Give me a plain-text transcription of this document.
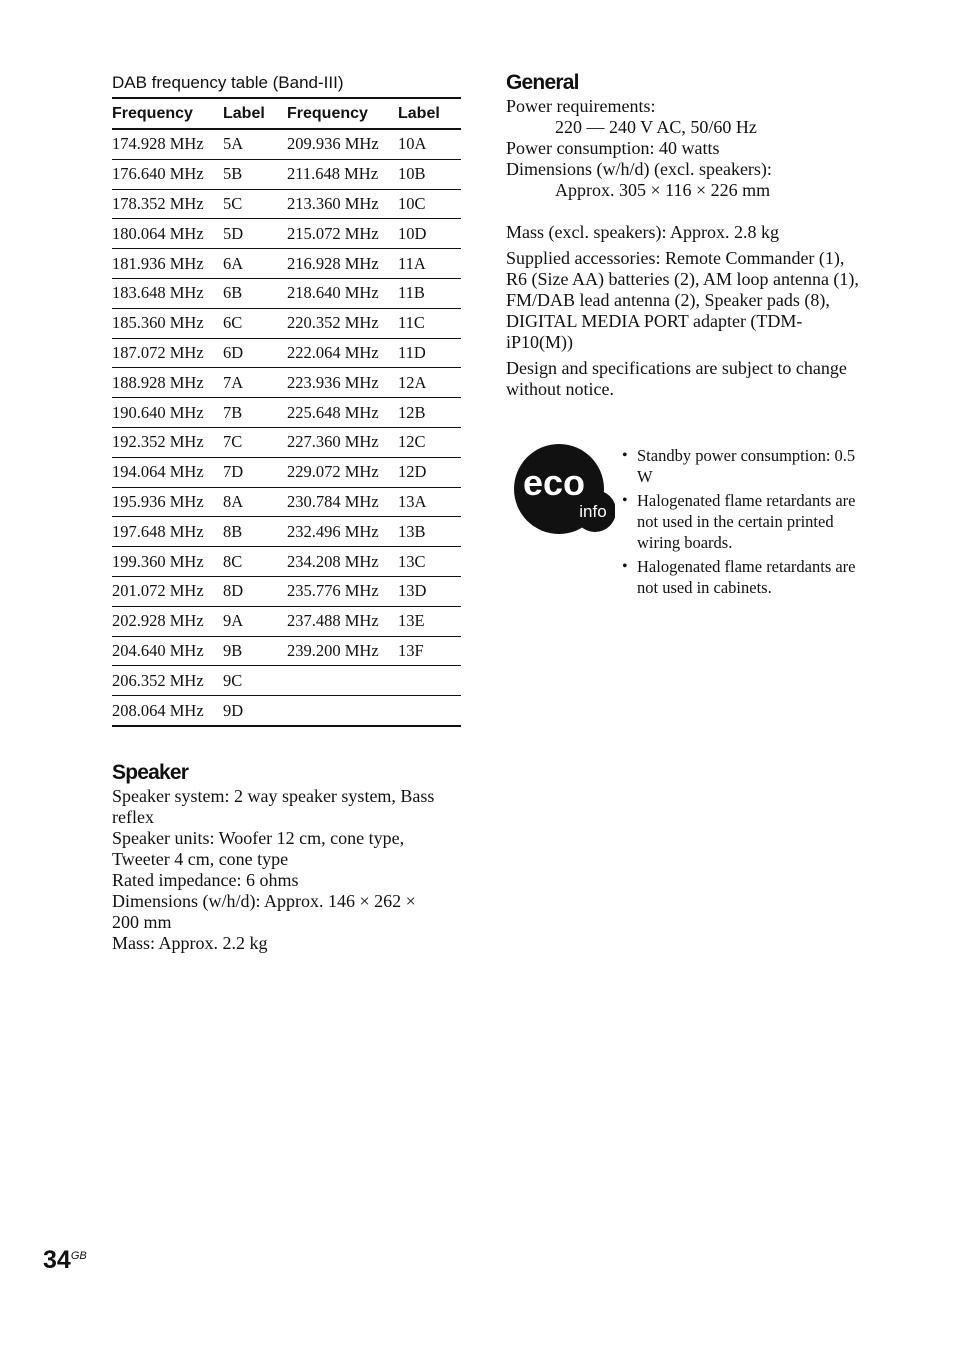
DAB frequency table (Band-III)
Frequency	Label	Frequency	Label
174.928 MHz	5A	209.936 MHz	10A
176.640 MHz	5B	211.648 MHz	10B
178.352 MHz	5C	213.360 MHz	10C
180.064 MHz	5D	215.072 MHz	10D
181.936 MHz	6A	216.928 MHz	11A
183.648 MHz	6B	218.640 MHz	11B
185.360 MHz	6C	220.352 MHz	11C
187.072 MHz	6D	222.064 MHz	11D
188.928 MHz	7A	223.936 MHz	12A
190.640 MHz	7B	225.648 MHz	12B
192.352 MHz	7C	227.360 MHz	12C
194.064 MHz	7D	229.072 MHz	12D
195.936 MHz	8A	230.784 MHz	13A
197.648 MHz	8B	232.496 MHz	13B
199.360 MHz	8C	234.208 MHz	13C
201.072 MHz	8D	235.776 MHz	13D
202.928 MHz	9A	237.488 MHz	13E
204.640 MHz	9B	239.200 MHz	13F
206.352 MHz	9C		
208.064 MHz	9D		
Speaker

Speaker system: 2 way speaker system, Bass

reflex

Speaker units: Woofer 12 cm, cone type,

Tweeter 4 cm, cone type

Rated impedance: 6 ohms

Dimensions (w/h/d): Approx. 146 × 262 ×

200 mm

Mass: Approx. 2.2 kg

General

Power requirements:

220 — 240 V AC, 50/60 Hz

Power consumption: 40 watts

Dimensions (w/h/d) (excl. speakers):

Approx. 305 × 116 × 226 mm

Mass (excl. speakers): Approx. 2.8 kg

Supplied accessories: Remote Commander (1), R6 (Size AA) batteries (2), AM loop antenna (1), FM/DAB lead antenna (2), Speaker pads (8), DIGITAL MEDIA PORT adapter (TDM-iP10(M))

Design and specifications are subject to change without notice.

eco
info
• Standby power consumption: 0.5 W
• Halogenated flame retardants are not used in the certain printed wiring boards.
• Halogenated flame retardants are not used in cabinets.
$34^{GB}$
